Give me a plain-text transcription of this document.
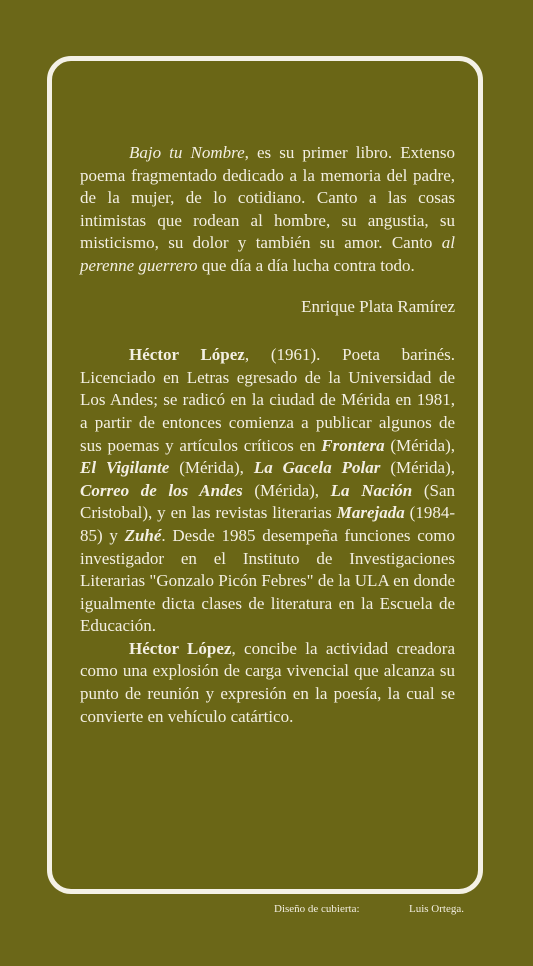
Bajo tu Nombre, es su primer libro. Extenso poema fragmentado dedicado a la memoria del padre, de la mujer, de lo cotidiano. Canto a las cosas intimistas que rodean al hombre, su angustia, su misticismo, su dolor y también su amor. Canto al perenne guerrero que día a día lucha contra todo.

Enrique Plata Ramírez

Héctor López, (1961). Poeta barinés. Licenciado en Letras egresado de la Universidad de Los Andes; se radicó en la ciudad de Mérida en 1981, a partir de entonces comienza a publicar algunos de sus poemas y artículos críticos en Frontera (Mérida), El Vigilante (Mérida), La Gacela Polar (Mérida), Correo de los Andes (Mérida), La Nación (San Cristobal), y en las revistas literarias Marejada (1984-85) y Zuhé. Desde 1985 desempeña funciones como investigador en el Instituto de Investigaciones Literarias "Gonzalo Picón Febres" de la ULA en donde igualmente dicta clases de literatura en la Escuela de Educación.

Héctor López, concibe la actividad creadora como una explosión de carga vivencial que alcanza su punto de reunión y expresión en la poesía, la cual se convierte en vehículo catártico.

Diseño de cubierta:	Luis Ortega.
